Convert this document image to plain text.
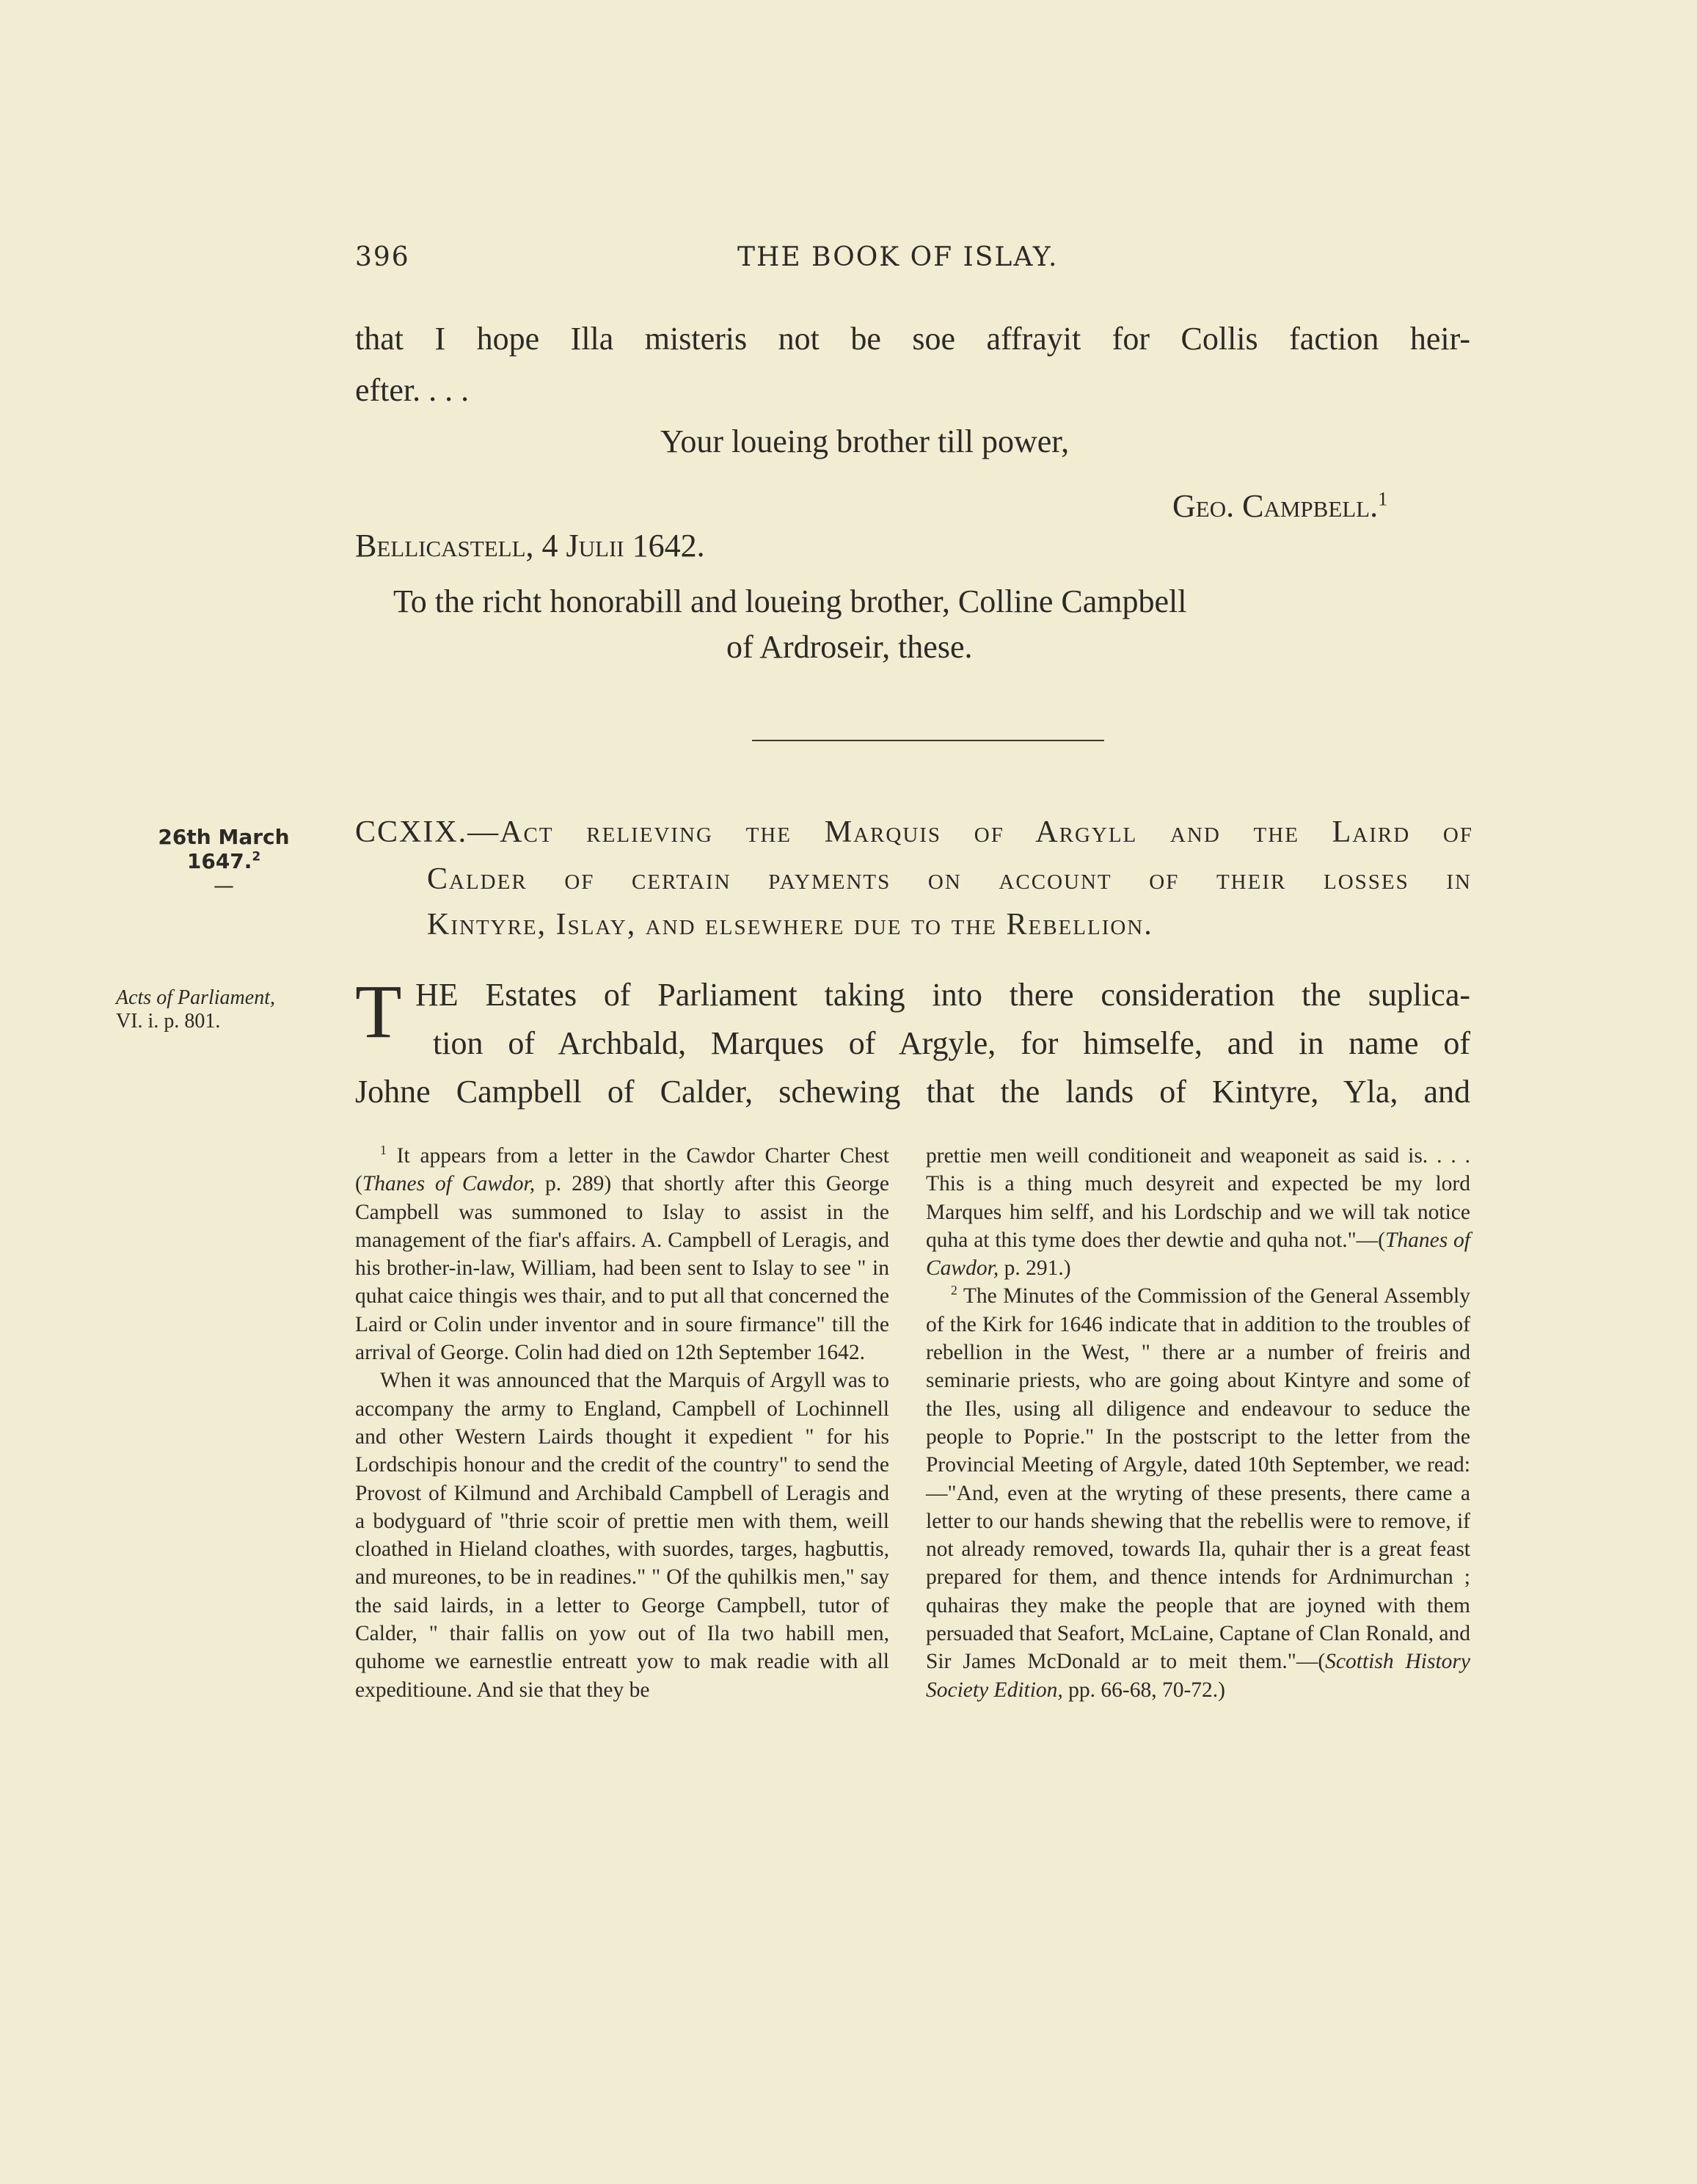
396	THE BOOK OF ISLAY.
that I hope Illa misteris not be soe affrayit for Collis faction heir-
efter. . . .
Your loueing brother till power,
Geo. Campbell.$^1$
Bellicastell, 4 Julii 1642.
To the richt honorabill and loueing brother, Colline Campbell
of Ardroseir, these.
26th March
1647.$^2$
—
CCXIX.—Act relieving the Marquis of Argyll and the Laird of
Calder of certain payments on account of their losses in
Kintyre, Islay, and elsewhere due to the Rebellion.
Acts of Parliament,
VI. i. p. 801.	T HE Estates of Parliament taking into there consideration the suplica-
tion of Archbald, Marques of Argyle, for himselfe, and in name of
Johne Campbell of Calder, schewing that the lands of Kintyre, Yla, and

$^1$ It appears from a letter in the Cawdor Charter Chest (Thanes of Cawdor, p. 289) that shortly after this George Campbell was summoned to Islay to assist in the management of the fiar's affairs. A. Campbell of Leragis, and his brother-in-law, William, had been sent to Islay to see " in quhat caice thingis wes thair, and to put all that concerned the Laird or Colin under inventor and in soure firmance" till the arrival of George. Colin had died on 12th September 1642.

When it was announced that the Marquis of Argyll was to accompany the army to England, Campbell of Lochinnell and other Western Lairds thought it expedient " for his Lordschipis honour and the credit of the country" to send the Provost of Kilmund and Archibald Campbell of Leragis and a bodyguard of "thrie scoir of prettie men with them, weill cloathed in Hieland cloathes, with suordes, targes, hagbuttis, and mureones, to be in readines." " Of the quhilkis men," say the said lairds, in a letter to George Campbell, tutor of Calder, " thair fallis on yow out of Ila two habill men, quhome we earnestlie entreatt yow to mak readie with all expeditioune. And sie that they be

prettie men weill conditioneit and weaponeit as said is. . . . This is a thing much desyreit and expected be my lord Marques him selff, and his Lordschip and we will tak notice quha at this tyme does ther dewtie and quha not."—(Thanes of Cawdor, p. 291.)

$^2$ The Minutes of the Commission of the General Assembly of the Kirk for 1646 indicate that in addition to the troubles of rebellion in the West, " there ar a number of freiris and seminarie priests, who are going about Kintyre and some of the Iles, using all diligence and endeavour to seduce the people to Poprie." In the postscript to the letter from the Provincial Meeting of Argyle, dated 10th September, we read:—"And, even at the wryting of these presents, there came a letter to our hands shewing that the rebellis were to remove, if not already removed, towards Ila, quhair ther is a great feast prepared for them, and thence intends for Ardnimurchan ; quhairas they make the people that are joyned with them persuaded that Seafort, McLaine, Captane of Clan Ronald, and Sir James McDonald ar to meit them."—(Scottish History Society Edition, pp. 66-68, 70-72.)
